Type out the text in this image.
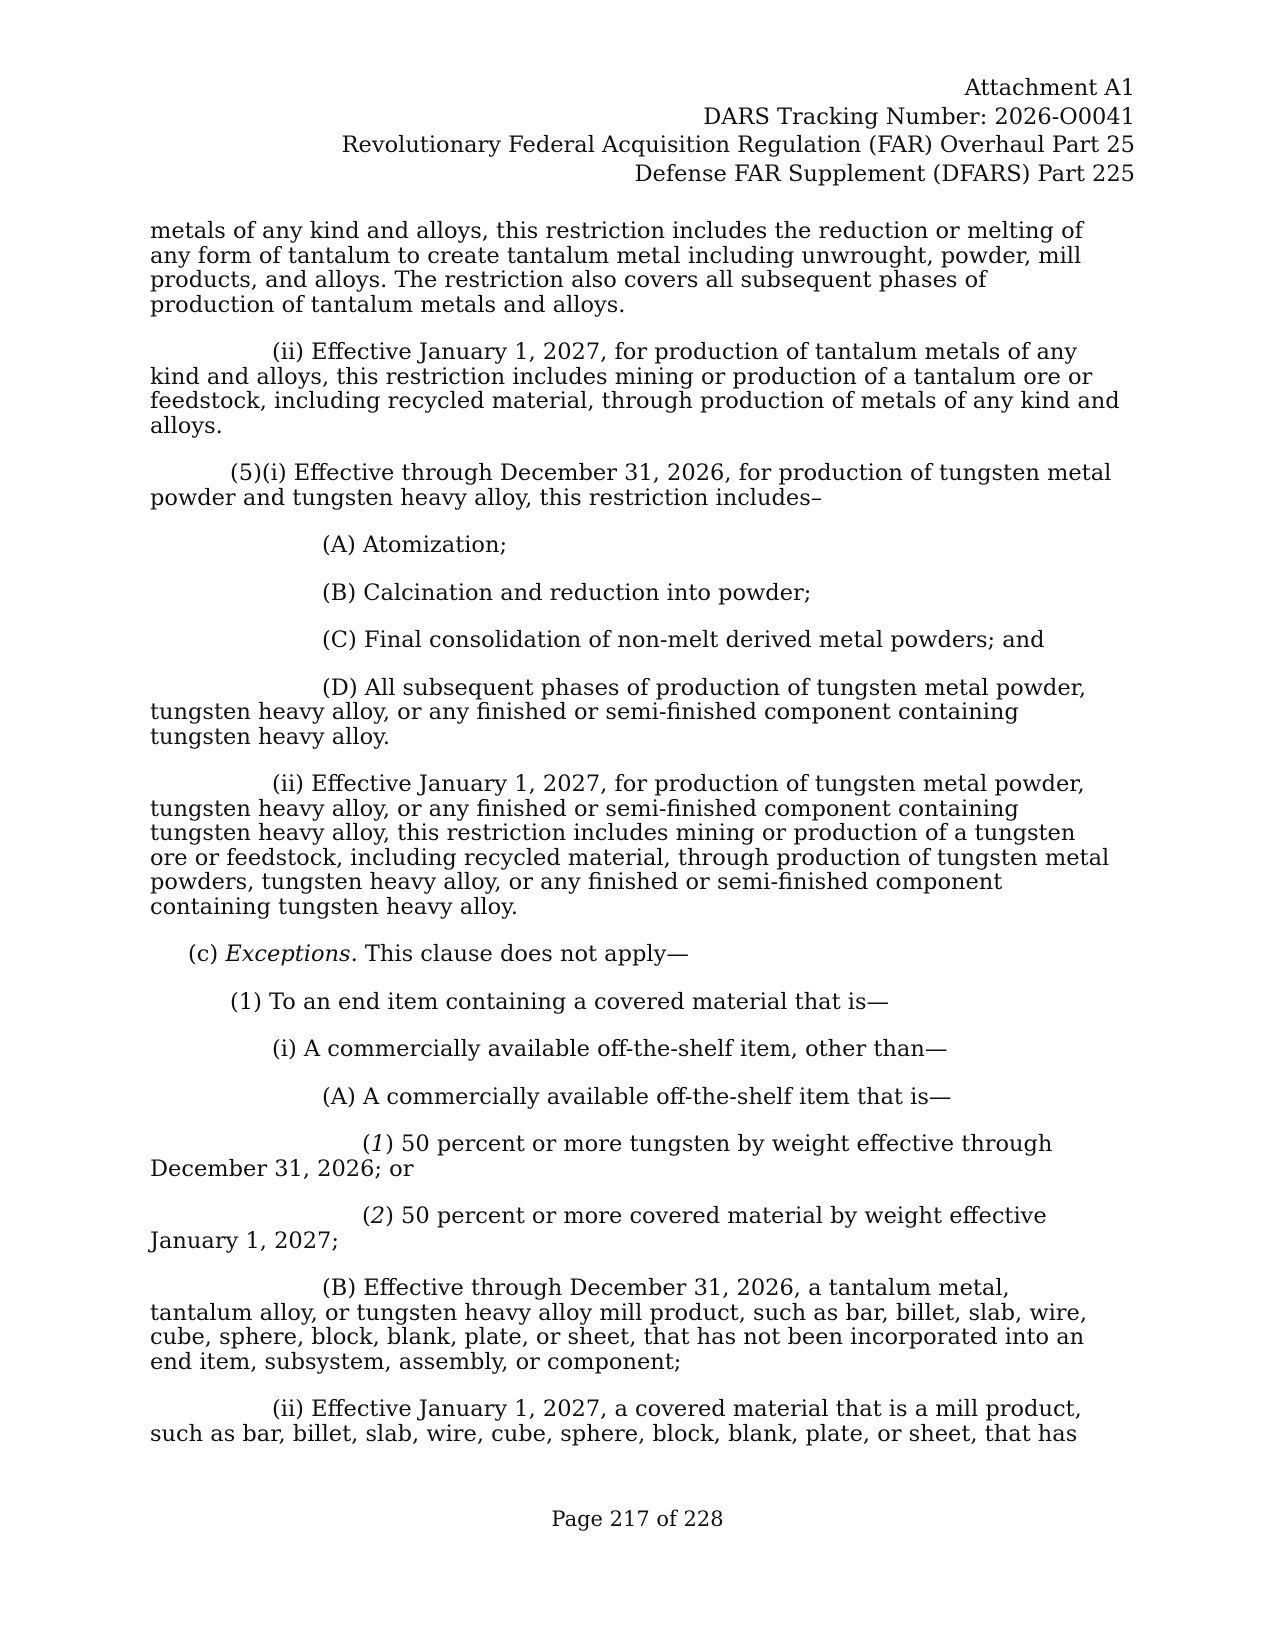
Attachment A1
DARS Tracking Number: 2026-O0041
Revolutionary Federal Acquisition Regulation (FAR) Overhaul Part 25
Defense FAR Supplement (DFARS) Part 225
metals of any kind and alloys, this restriction includes the reduction or melting of
any form of tantalum to create tantalum metal including unwrought, powder, mill
products, and alloys. The restriction also covers all subsequent phases of
production of tantalum metals and alloys.
(ii) Effective January 1, 2027, for production of tantalum metals of any
kind and alloys, this restriction includes mining or production of a tantalum ore or
feedstock, including recycled material, through production of metals of any kind and
alloys.
(5)(i) Effective through December 31, 2026, for production of tungsten metal
powder and tungsten heavy alloy, this restriction includes–
(A) Atomization;
(B) Calcination and reduction into powder;
(C) Final consolidation of non-melt derived metal powders; and
(D) All subsequent phases of production of tungsten metal powder,
tungsten heavy alloy, or any finished or semi-finished component containing
tungsten heavy alloy.
(ii) Effective January 1, 2027, for production of tungsten metal powder,
tungsten heavy alloy, or any finished or semi-finished component containing
tungsten heavy alloy, this restriction includes mining or production of a tungsten
ore or feedstock, including recycled material, through production of tungsten metal
powders, tungsten heavy alloy, or any finished or semi-finished component
containing tungsten heavy alloy.
(c) Exceptions. This clause does not apply—
(1) To an end item containing a covered material that is—
(i) A commercially available off-the-shelf item, other than—
(A) A commercially available off-the-shelf item that is—
(1) 50 percent or more tungsten by weight effective through
December 31, 2026; or
(2) 50 percent or more covered material by weight effective
January 1, 2027;
(B) Effective through December 31, 2026, a tantalum metal,
tantalum alloy, or tungsten heavy alloy mill product, such as bar, billet, slab, wire,
cube, sphere, block, blank, plate, or sheet, that has not been incorporated into an
end item, subsystem, assembly, or component;
(ii) Effective January 1, 2027, a covered material that is a mill product,
such as bar, billet, slab, wire, cube, sphere, block, blank, plate, or sheet, that has
Page 217 of 228
